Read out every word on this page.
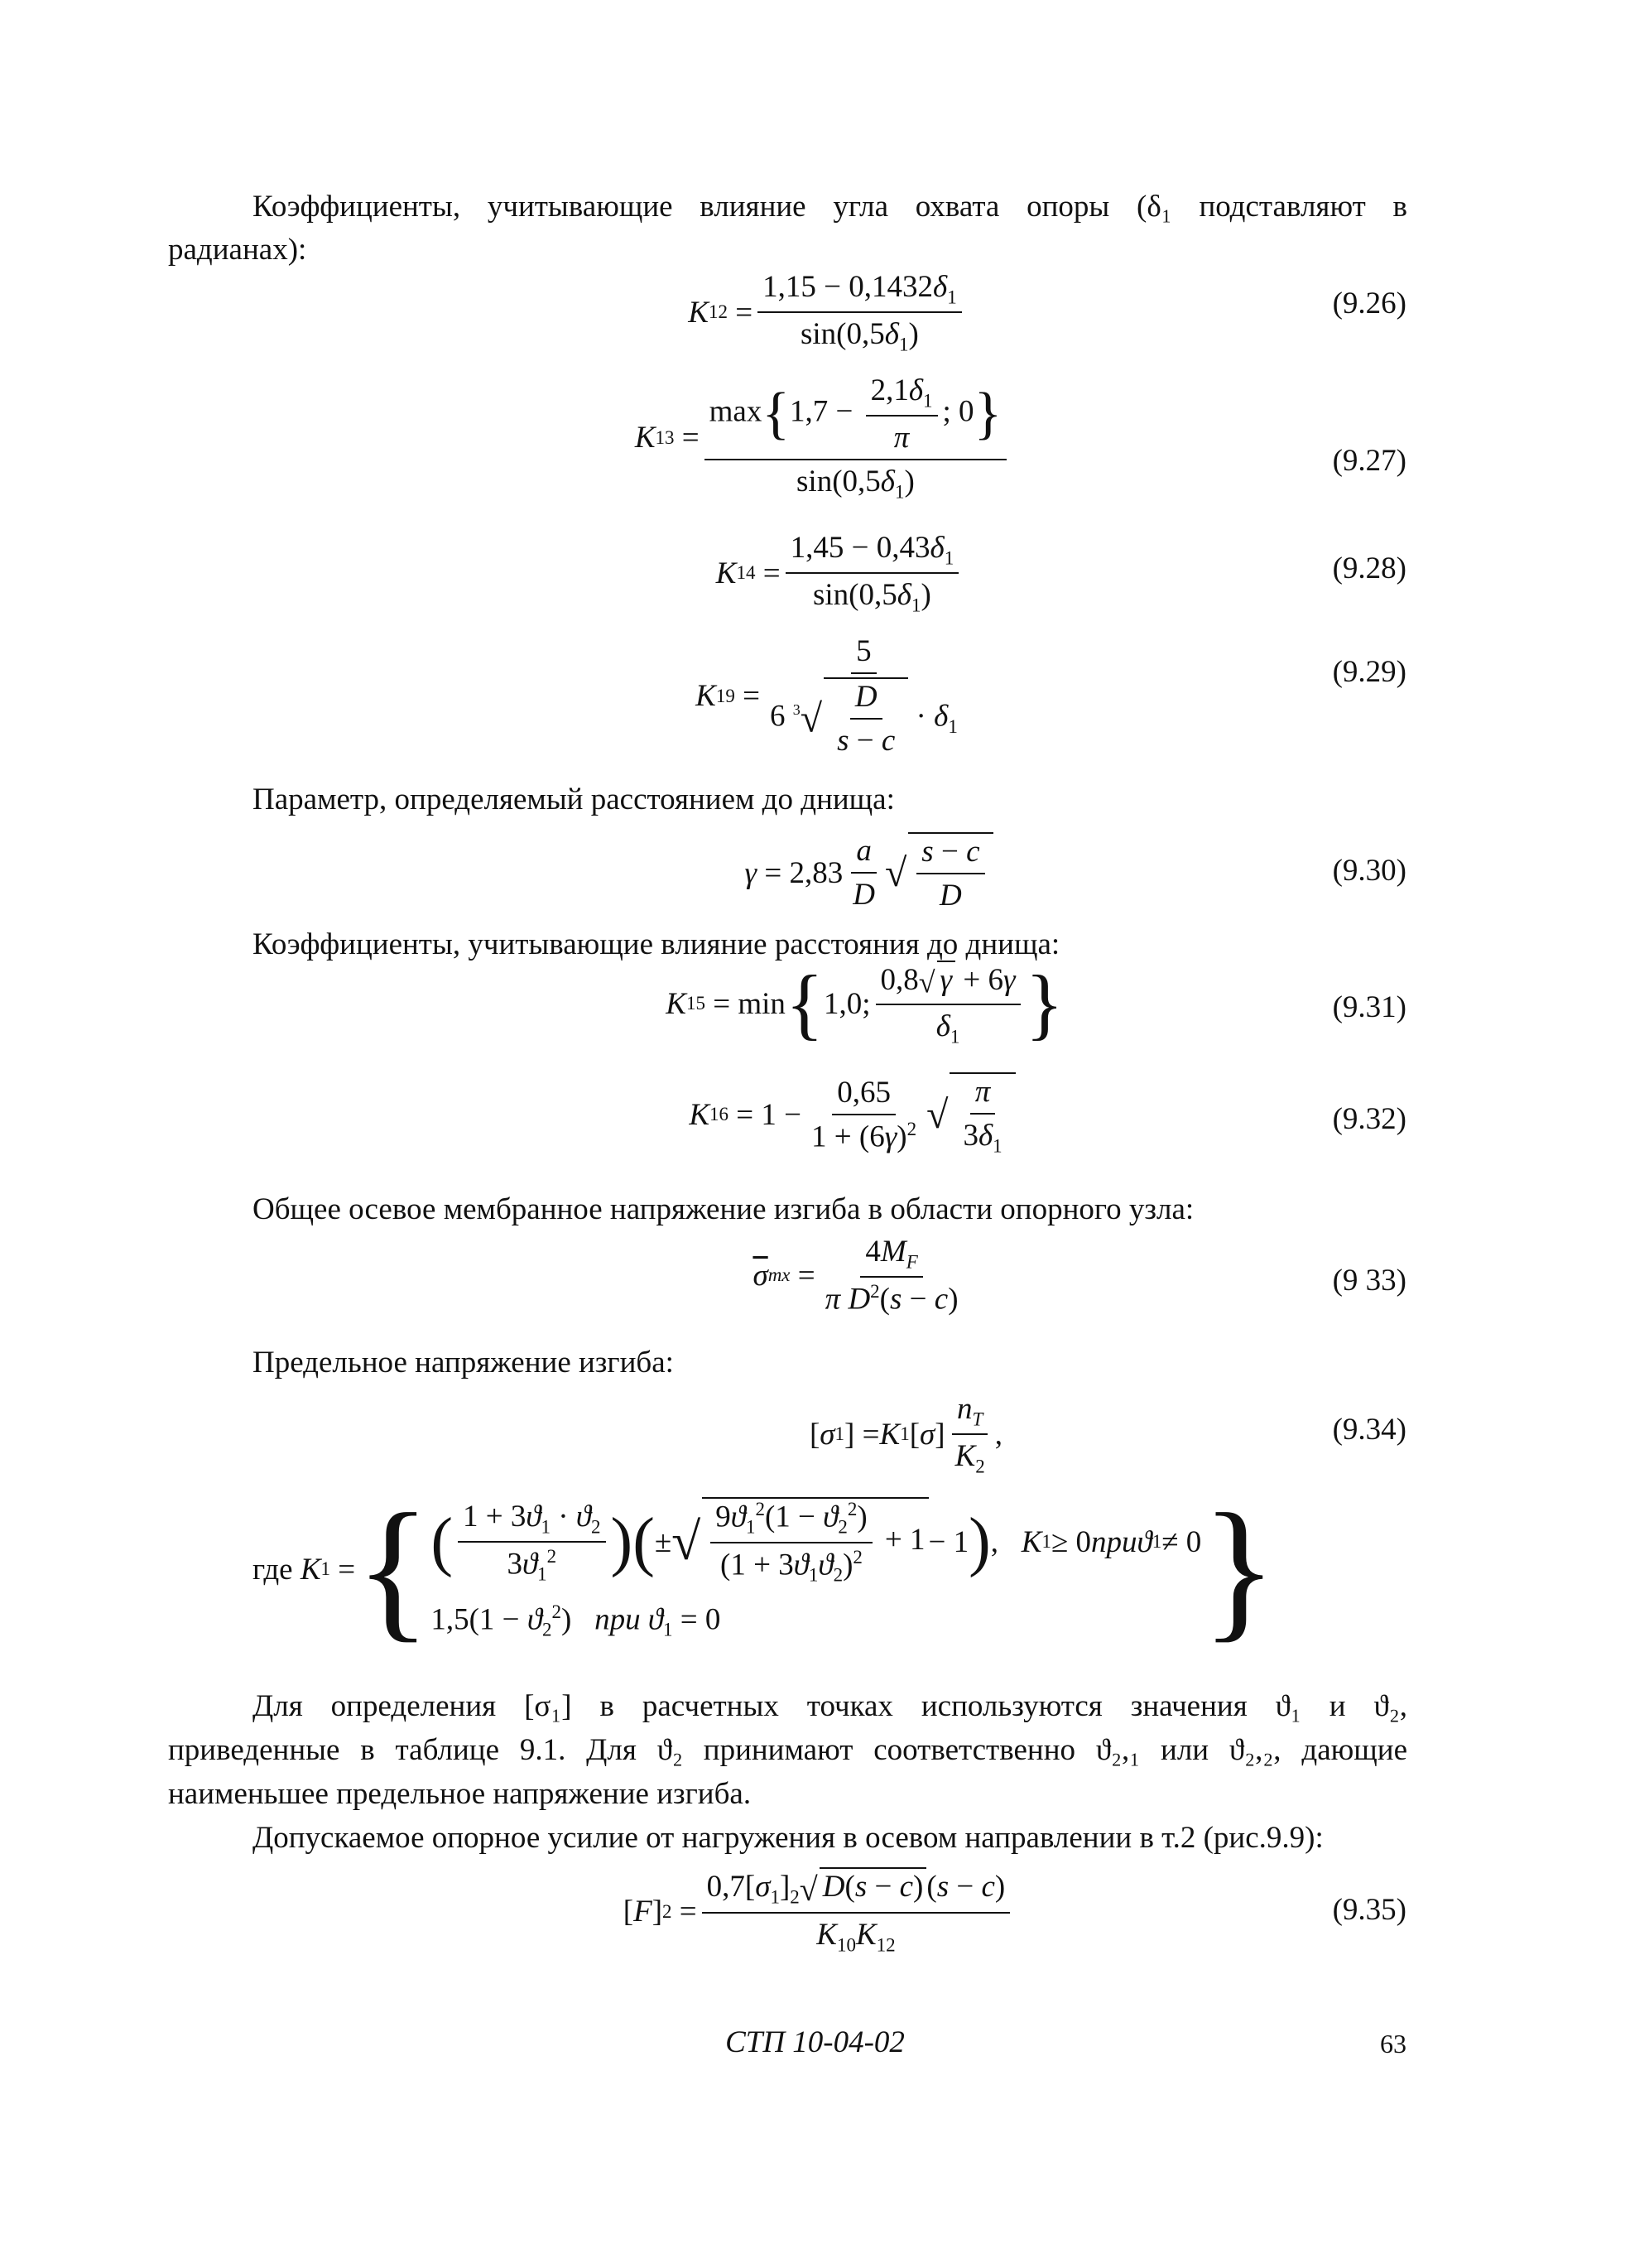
Коэффициенты, учитывающие влияние угла охвата опоры (δ₁ подставляют в
радианах):
K $12 = \frac{1,15 - 0,1432\delta_1}{\sin(0,5\delta_1)}$	(9.26)
K $13 = \frac{\max\{1,7 - \frac{2,1\delta_1}{\pi} ; 0\}}{\sin(0,5\delta_1)}$	(9.27)
K $14 = \frac{1,45 - 0,43\delta_1}{\sin(0,5\delta_1)}$	(9.28)
K $19 = \frac{5}{6 ^3√ \frac{D}{s - c} \cdot \delta_1}$	(9.29)
Параметр, определяемый расстоянием до днища:
$\gamma = 2,83 \frac{a}{D}$ √ $\frac{s - c}{D}$	(9.30)
Коэффициенты, учитывающие влияние расстояния до днища:
K 15 = min { 1,0; $\frac{0,8√ \gamma + 6\gamma}{\delta_1}$ }	(9.31)
K $16 = 1 - \frac{0,65}{1 + (6\gamma)^2}$ √ $\frac{\pi}{3\delta_1}$	(9.32)
Общее осевое мембранное напряжение изгиба в области опорного узла:
$\overline{\sigma}$ mx = $\frac{4M_F}{\pi D^2(s - c)}$	(9 33)
Предельное напряжение изгиба:
[ σ 1 ] = K 1 [ σ ] $\frac{n_T}{K_2}$ ,	(9.34)
где
K 1 = { ( $\frac{1 + 3ϑ_1 \cdot ϑ_2}{3ϑ_1^2}$ ) ( ± √ $\frac{9ϑ_1^2(1 - ϑ_2^2)}{(1 + 3ϑ_1ϑ_2)^2} + 1 - 1$ ) , K 1 ≥ 0 при ϑ 1 ≠ 0
$1,5(1 - ϑ_2^2)$   при $ϑ_1 = 0$	}
Для определения [σ₁] в расчетных точках используются значения ϑ₁ и ϑ₂,
приведенные в таблице 9.1. Для ϑ₂ принимают соответственно ϑ₂,₁ или ϑ₂,₂, дающие
наименьшее предельное напряжение изгиба.
Допускаемое опорное усилие от нагружения в осевом направлении в т.2 (рис.9.9):
[ F ] $2 = \frac{0,7[\sigma_1]_2√ D(s - c) (s - c)}{K_{10}K_{12}}$	(9.35)
СТП 10-04-02	63
